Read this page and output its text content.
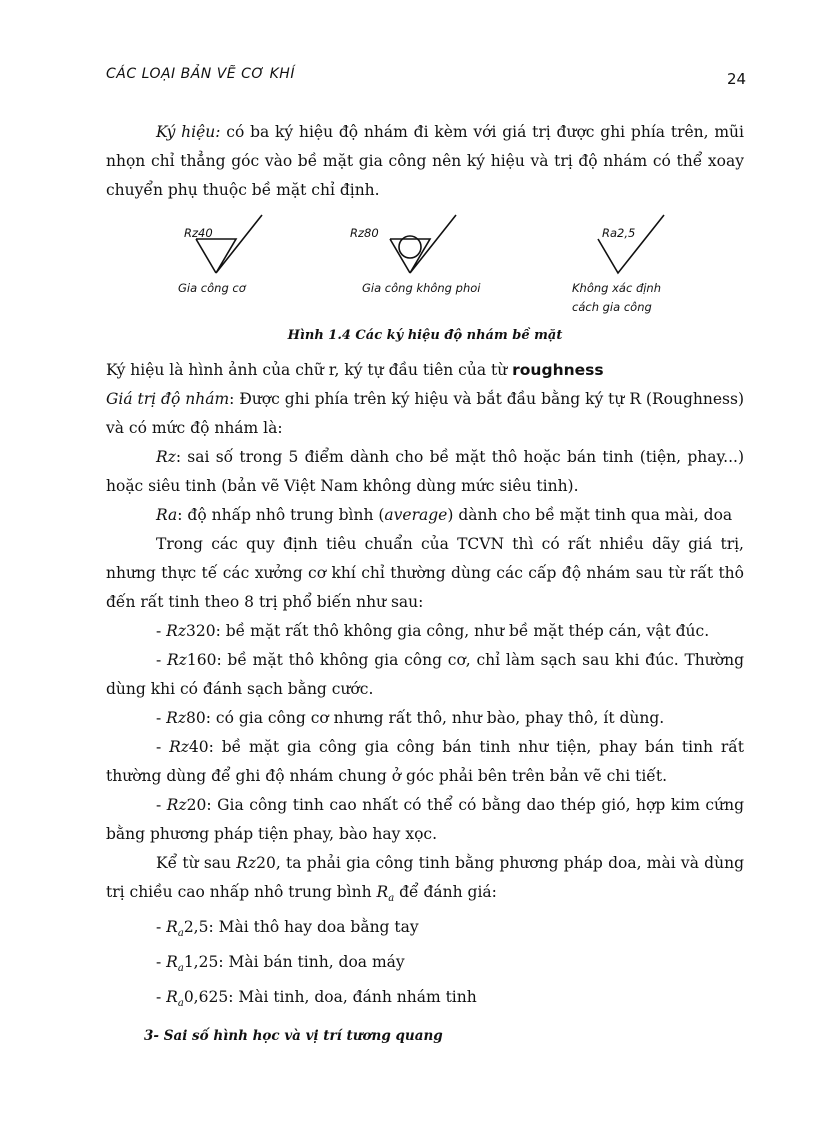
CÁC LOẠI BẢN VẼ CƠ KHÍ	24

Ký hiệu: có ba ký hiệu độ nhám đi kèm với giá trị được ghi phía trên, mũi nhọn chỉ thẳng góc vào bề mặt gia công nên ký hiệu và trị độ nhám có thể xoay chuyển phụ thuộc bề mặt chỉ định.

Rz40
Gia công cơ
Rz80
Gia công không phoi
Ra2,5
Không xác định
cách gia công
Hình 1.4 Các ký hiệu độ nhám bề mặt

Ký hiệu là hình ảnh của chữ r, ký tự đầu tiên của từ roughness

Giá trị độ nhám: Được ghi phía trên ký hiệu và bắt đầu bằng ký tự R (Roughness) và có mức độ nhám là:

Rz: sai số trong 5 điểm dành cho bề mặt thô hoặc bán tinh (tiện, phay...) hoặc siêu tinh (bản vẽ Việt Nam không dùng mức siêu tinh).

Ra: độ nhấp nhô trung bình (average) dành cho bề mặt tinh qua mài, doa

Trong các quy định tiêu chuẩn của TCVN thì có rất nhiều dãy giá trị, nhưng thực tế các xưởng cơ khí chỉ thường dùng các cấp độ nhám sau từ rất thô đến rất tinh theo 8 trị phổ biến như sau:

- Rz320: bề mặt rất thô không gia công, như bề mặt thép cán, vật đúc.

- Rz160: bề mặt thô không gia công cơ, chỉ làm sạch sau khi đúc. Thường dùng khi có đánh sạch bằng cước.

- Rz80: có gia công cơ nhưng rất thô, như bào, phay thô, ít dùng.

- Rz40: bề mặt gia công gia công bán tinh như tiện, phay bán tinh rất thường dùng để ghi độ nhám chung ở góc phải bên trên bản vẽ chi tiết.

- Rz20: Gia công tinh cao nhất có thể có bằng dao thép gió, hợp kim cứng bằng phương pháp tiện phay, bào hay xọc.

Kể từ sau Rz20, ta phải gia công tinh bằng phương pháp doa, mài và dùng trị chiều cao nhấp nhô trung bình $R_a$ để đánh giá:

- $R_a2,5$: Mài thô hay doa bằng tay

- $R_a1,25$: Mài bán tinh, doa máy

- $R_a0,625$: Mài tinh, doa, đánh nhám tinh

3- Sai số hình học và vị trí tương quang
